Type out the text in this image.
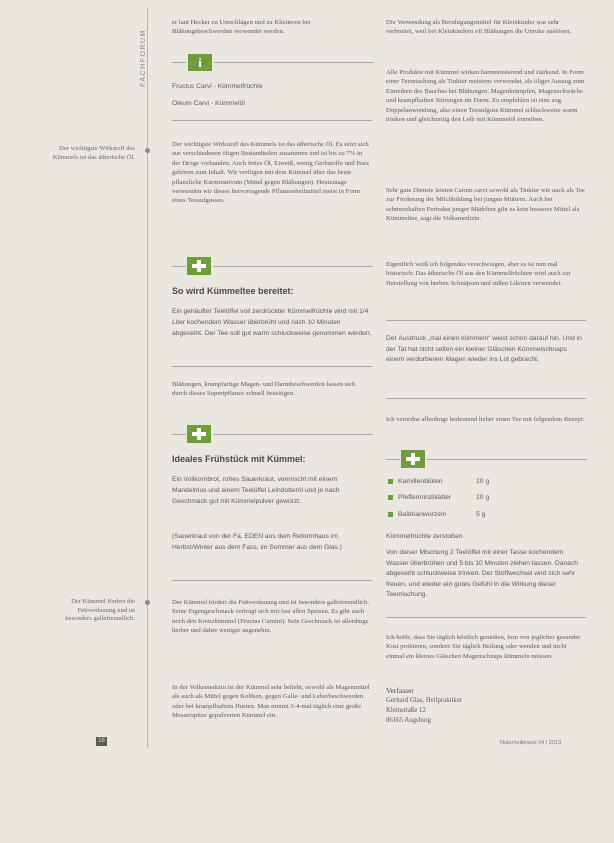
FACHFORUM
Der wichtigste Wirkstoff des Kümmels ist das ätherische Öl.
Der Kümmel fördert die Fettverdauung und ist besonders gallefreundlich.
er laut Hecker zu Umschlägen und zu Klistieren bei Blähungsbeschwerden verwendet werden.
i
Fructus Carvi - Kümmelfrüchte
Oleum Carvi - Kümmelöl
Der wichtigste Wirkstoff des Kümmels ist das ätherische Öl. Es setzt sich aus verschiedenen öligen Bestandteilen zusammen und ist bis zu 7% in der Droge vorhanden. Auch fettes Öl, Eiweiß, wenig Gerbstoffe und Harz gehören zum Inhalt. Wir verfügen mit dem Kümmel über das beste pflanzliche Karminativum (Mittel gegen Blähungen). Heutzutage verwenden wir dieses hervorragende Pflanzenheilmittel meist in Form eines Teeaufgusses.
So wird Kümmeltee bereitet:
Ein gehäufter Teelöffel voll zerdrückter Kümmelfrüchte wird mit 1/4 Liter kochendem Wasser überbrüht und nach 10 Minuten abgeseiht. Der Tee soll gut warm schluckweise genommen werden.
Blähungen, krampfartige Magen- und Darmbeschwerden lassen sich durch dieses Supertpflanze schnell beseitigen.
Ideales Frühstück mit Kümmel:
Ein Vollkornbrot, rohes Sauerkraut, vermischt mit einem Mandelmus und einem Teelöffel Leindotteröl und je nach Geschmack gut mit Kümmelpulver gewürzt.
(Sauerkraut von der Fa. EDEN aus dem Reformhaus im Herbst/Winter aus dem Fass, im Sommer aus dem Glas.)
Der Kümmel fördert die Fettverdauung und ist besonders gallefreundlich. Seine Eigengeschmack verträgt sich mit fast allen Speisen. Es gibt auch noch den Kreuzkümmel (Fructus Cumini). Sein Geschmack ist allerdings herber und daher weniger angenehm.
In der Volksmedizin ist der Kümmel sehr beliebt, sowohl als Magenmittel als auch als Mittel gegen Koliken, gegen Galle- und Leberbeschwerden oder bei krampfhaftem Husten. Man nimmt 3-4-mal täglich eine große Messerspitze gepulverten Kümmel ein.
Die Verwendung als Beruhigungsmittel für Kleinkinder war sehr verbreitet, weil bei Kleinkindern oft Blähungen die Unruhe auslösen.
Alle Produkte mit Kümmel wirken harmonisierend und stärkend. In Form einer Teemischung als Tinktur meistens verwendet, als öliger Auszug zum Einreiben des Bauches bei Blähungen. Magenkrämpfen, Magenschwäche und krampfhaften Störungen im Darm. Zu empfehlen ist eine sog. Doppelanwendung, also einen Teeaufguss Kümmel schluckweise warm trinken und gleichzeitig den Leib mit Kümmelöl einreiben.
Sehr gute Dienste leisten Carum carvi sowohl als Tinktur wie auch als Tee zur Förderung der Milchbildung bei jungen Müttern. Auch bei schmerzhaften Perioden junger Mädchen gibt es kein besseres Mittel als Kümmeltee, sagt die Volksmedizin.
Eigentlich weiß ich folgendes verschwiegen, aber es ist nun mal historisch: Das ätherische Öl aus den Kümmelfrüchten wird auch zur Herstellung von herben Schnäpsen und süßen Likören verwendet.
Der Ausdruck „mal einen kümmeln“ weist schon darauf hin. Und in der Tat hat nicht selten ein kleiner Gläschen Kümmelschnaps einem verdorbenen Magen wieder ins Lot gebracht.
Ich verordne allerdings bedeutend lieber einen Tee mit folgendem Rezept:
Kamillenblüten	10 g
Pfefferminzblätter	10 g
Baldrianwurzeln	5 g
Kümmelfrüchte zerstoßen
Von dieser Mischung 2 Teelöffel mit einer Tasse kochendem Wasser überbrühen und 5 bis 10 Minuten ziehen lassen. Danach abgeseiht schluckweise trinken. Der Stoffwechsel wird sich sehr freuen, und wieder ein gutes Gefühl in die Wirkung dieser Teemischung.
Ich hoffe, dass Sie täglich köstlich genießen, fern von jeglicher gesunder Kost probieren, sondern Sie täglich Heilung oder wenden und nicht einmal ein kleines Gläschen Magenschnaps kümmeln müssen.
Verfasser
Gerhard Glas, Heilpraktiker
Kleinstraße 12
86165 Augsburg
18	Naturheilpraxis 04 | 2013
